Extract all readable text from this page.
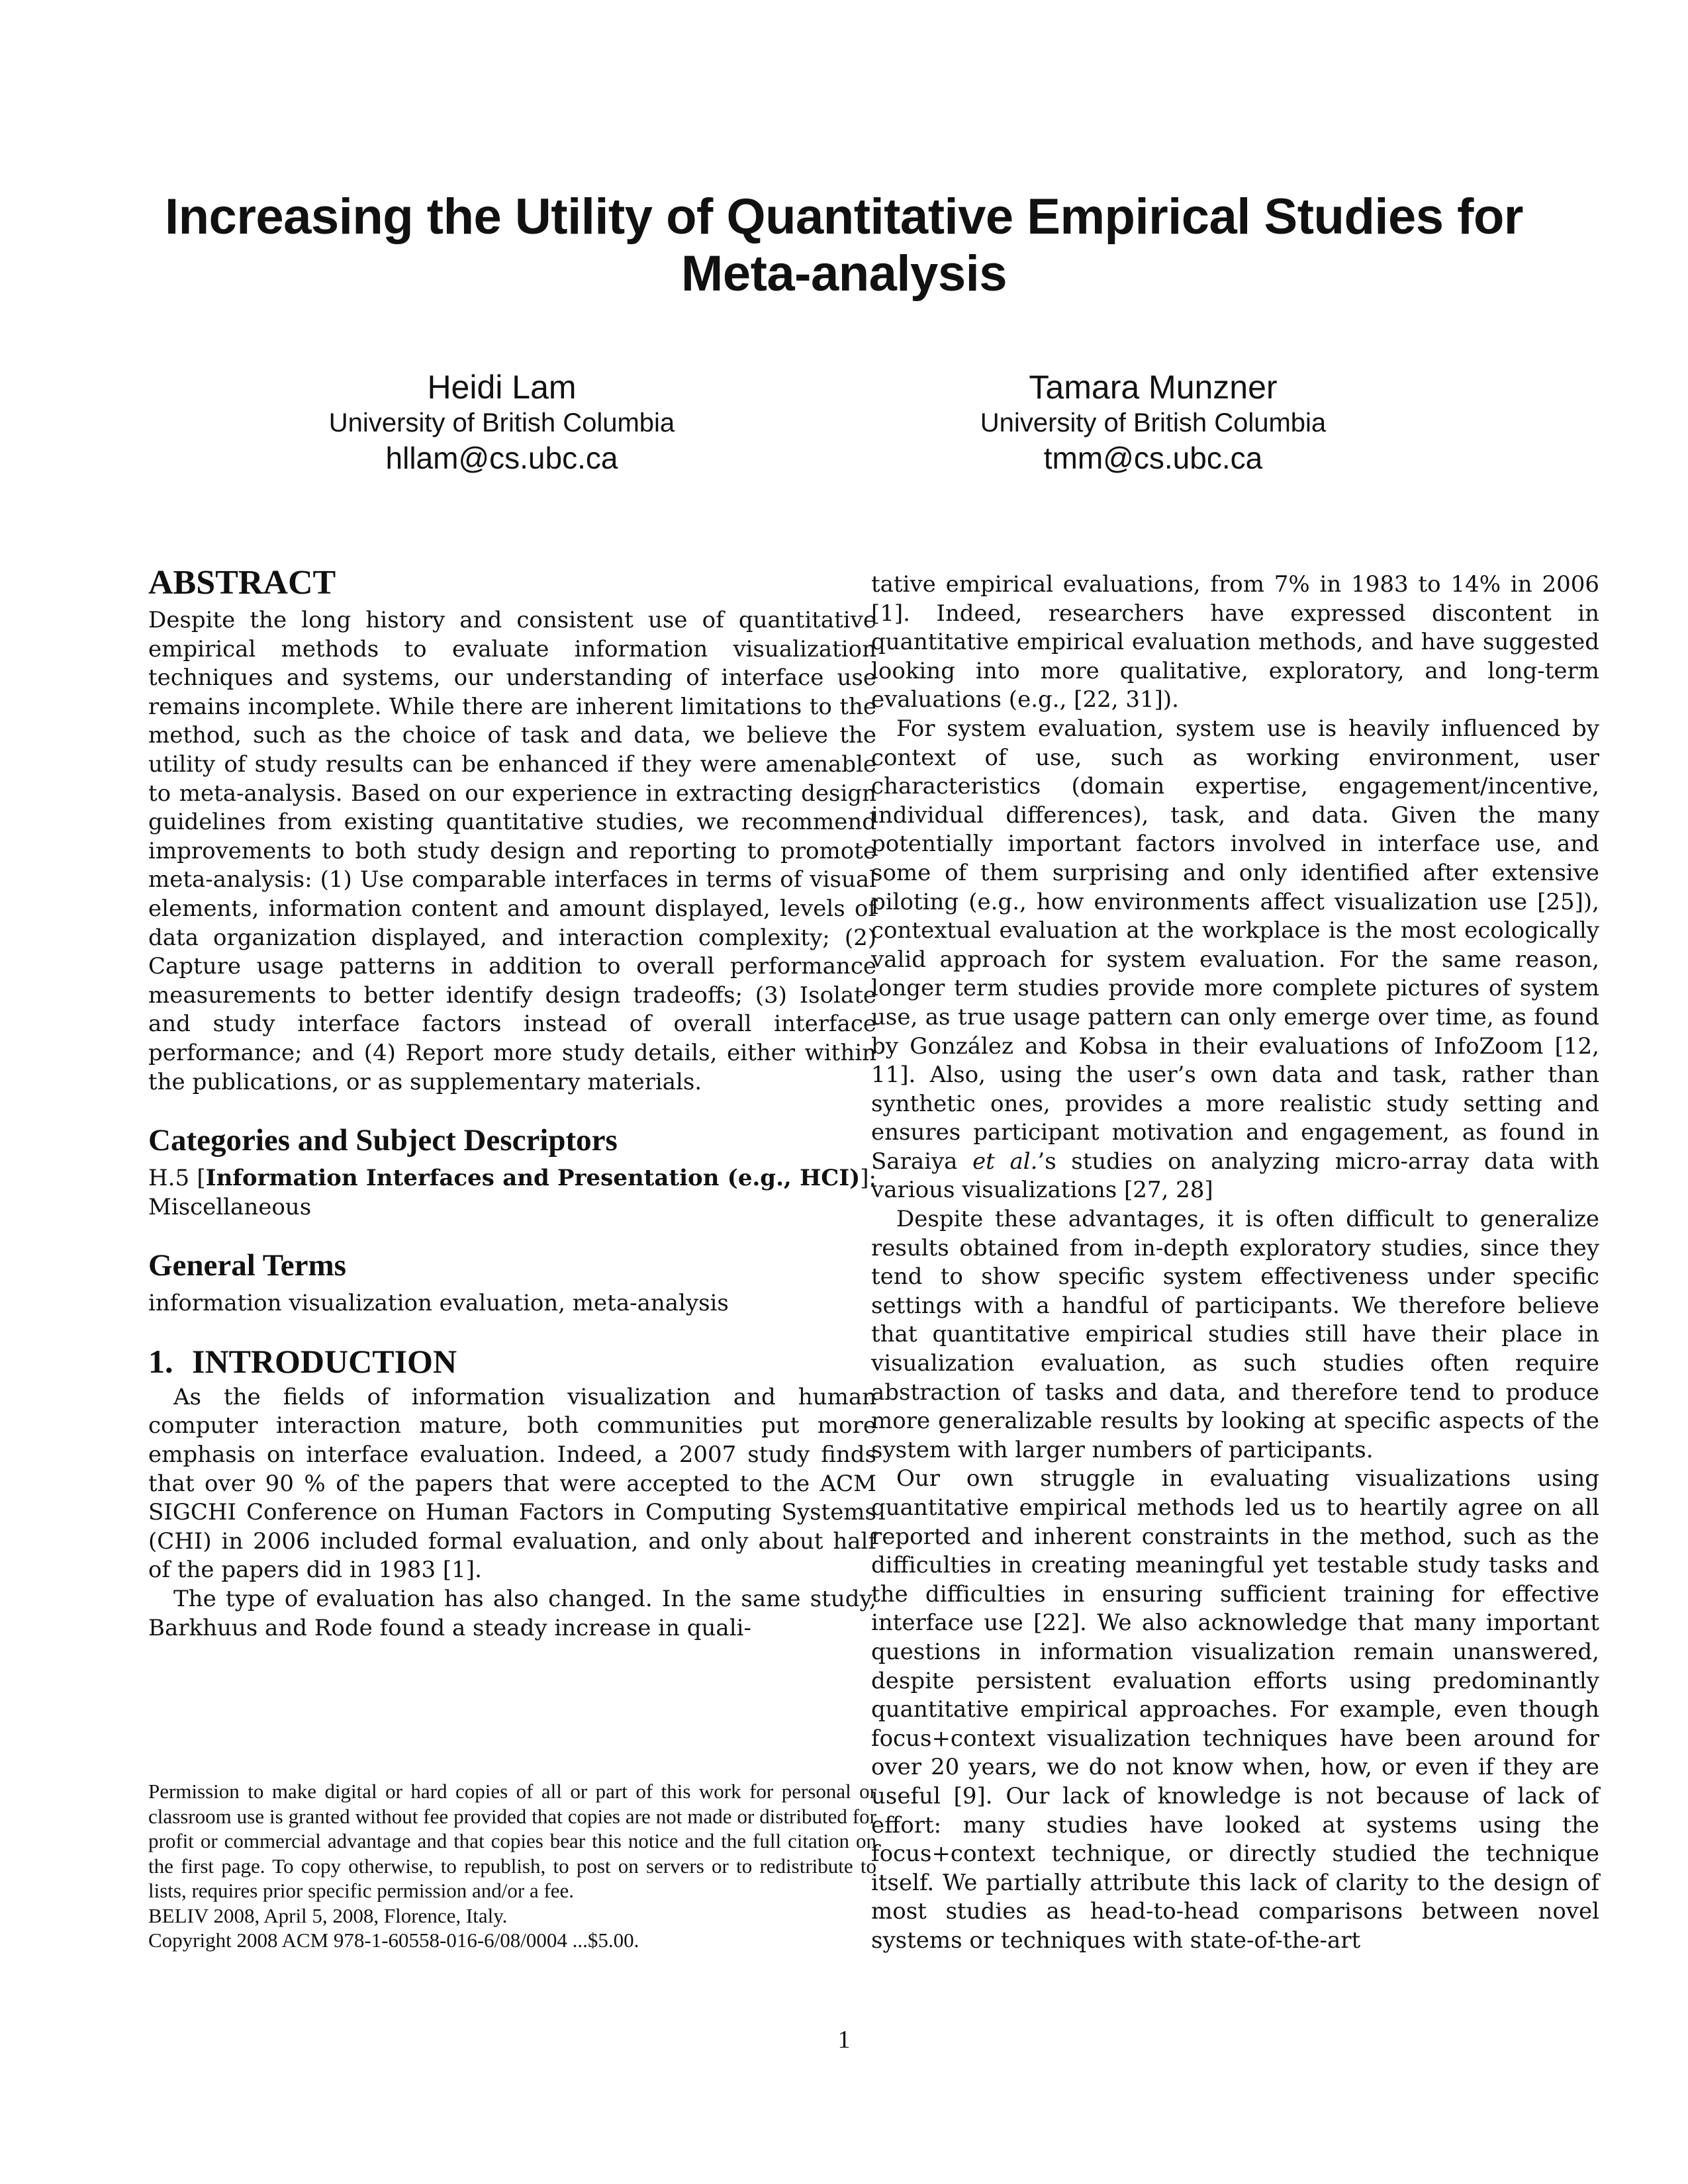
Increasing the Utility of Quantitative Empirical Studies for Meta-analysis
Heidi Lam
University of British Columbia
hllam@cs.ubc.ca
Tamara Munzner
University of British Columbia
tmm@cs.ubc.ca
ABSTRACT

Despite the long history and consistent use of quantitative empirical methods to evaluate information visualization techniques and systems, our understanding of interface use remains incomplete. While there are inherent limitations to the method, such as the choice of task and data, we believe the utility of study results can be enhanced if they were amenable to meta-analysis. Based on our experience in extracting design guidelines from existing quantitative studies, we recommend improvements to both study design and reporting to promote meta-analysis: (1) Use comparable interfaces in terms of visual elements, information content and amount displayed, levels of data organization displayed, and interaction complexity; (2) Capture usage patterns in addition to overall performance measurements to better identify design tradeoffs; (3) Isolate and study interface factors instead of overall interface performance; and (4) Report more study details, either within the publications, or as supplementary materials.

Categories and Subject Descriptors

H.5 [Information Interfaces and Presentation (e.g., HCI)]: Miscellaneous

General Terms

information visualization evaluation, meta-analysis

1. INTRODUCTION

As the fields of information visualization and human computer interaction mature, both communities put more emphasis on interface evaluation. Indeed, a 2007 study finds that over 90 % of the papers that were accepted to the ACM SIGCHI Conference on Human Factors in Computing Systems (CHI) in 2006 included formal evaluation, and only about half of the papers did in 1983 [1].

The type of evaluation has also changed. In the same study, Barkhuus and Rode found a steady increase in quali-

Permission to make digital or hard copies of all or part of this work for personal or classroom use is granted without fee provided that copies are not made or distributed for profit or commercial advantage and that copies bear this notice and the full citation on the first page. To copy otherwise, to republish, to post on servers or to redistribute to lists, requires prior specific permission and/or a fee.
BELIV 2008, April 5, 2008, Florence, Italy.
Copyright 2008 ACM 978-1-60558-016-6/08/0004 ...$5.00.

tative empirical evaluations, from 7% in 1983 to 14% in 2006 [1]. Indeed, researchers have expressed discontent in quantitative empirical evaluation methods, and have suggested looking into more qualitative, exploratory, and long-term evaluations (e.g., [22, 31]).

For system evaluation, system use is heavily influenced by context of use, such as working environment, user characteristics (domain expertise, engagement/incentive, individual differences), task, and data. Given the many potentially important factors involved in interface use, and some of them surprising and only identified after extensive piloting (e.g., how environments affect visualization use [25]), contextual evaluation at the workplace is the most ecologically valid approach for system evaluation. For the same reason, longer term studies provide more complete pictures of system use, as true usage pattern can only emerge over time, as found by González and Kobsa in their evaluations of InfoZoom [12, 11]. Also, using the user’s own data and task, rather than synthetic ones, provides a more realistic study setting and ensures participant motivation and engagement, as found in Saraiya et al.’s studies on analyzing micro-array data with various visualizations [27, 28]

Despite these advantages, it is often difficult to generalize results obtained from in-depth exploratory studies, since they tend to show specific system effectiveness under specific settings with a handful of participants. We therefore believe that quantitative empirical studies still have their place in visualization evaluation, as such studies often require abstraction of tasks and data, and therefore tend to produce more generalizable results by looking at specific aspects of the system with larger numbers of participants.

Our own struggle in evaluating visualizations using quantitative empirical methods led us to heartily agree on all reported and inherent constraints in the method, such as the difficulties in creating meaningful yet testable study tasks and the difficulties in ensuring sufficient training for effective interface use [22]. We also acknowledge that many important questions in information visualization remain unanswered, despite persistent evaluation efforts using predominantly quantitative empirical approaches. For example, even though focus+context visualization techniques have been around for over 20 years, we do not know when, how, or even if they are useful [9]. Our lack of knowledge is not because of lack of effort: many studies have looked at systems using the focus+context technique, or directly studied the technique itself. We partially attribute this lack of clarity to the design of most studies as head-to-head comparisons between novel systems or techniques with state-of-the-art

1
